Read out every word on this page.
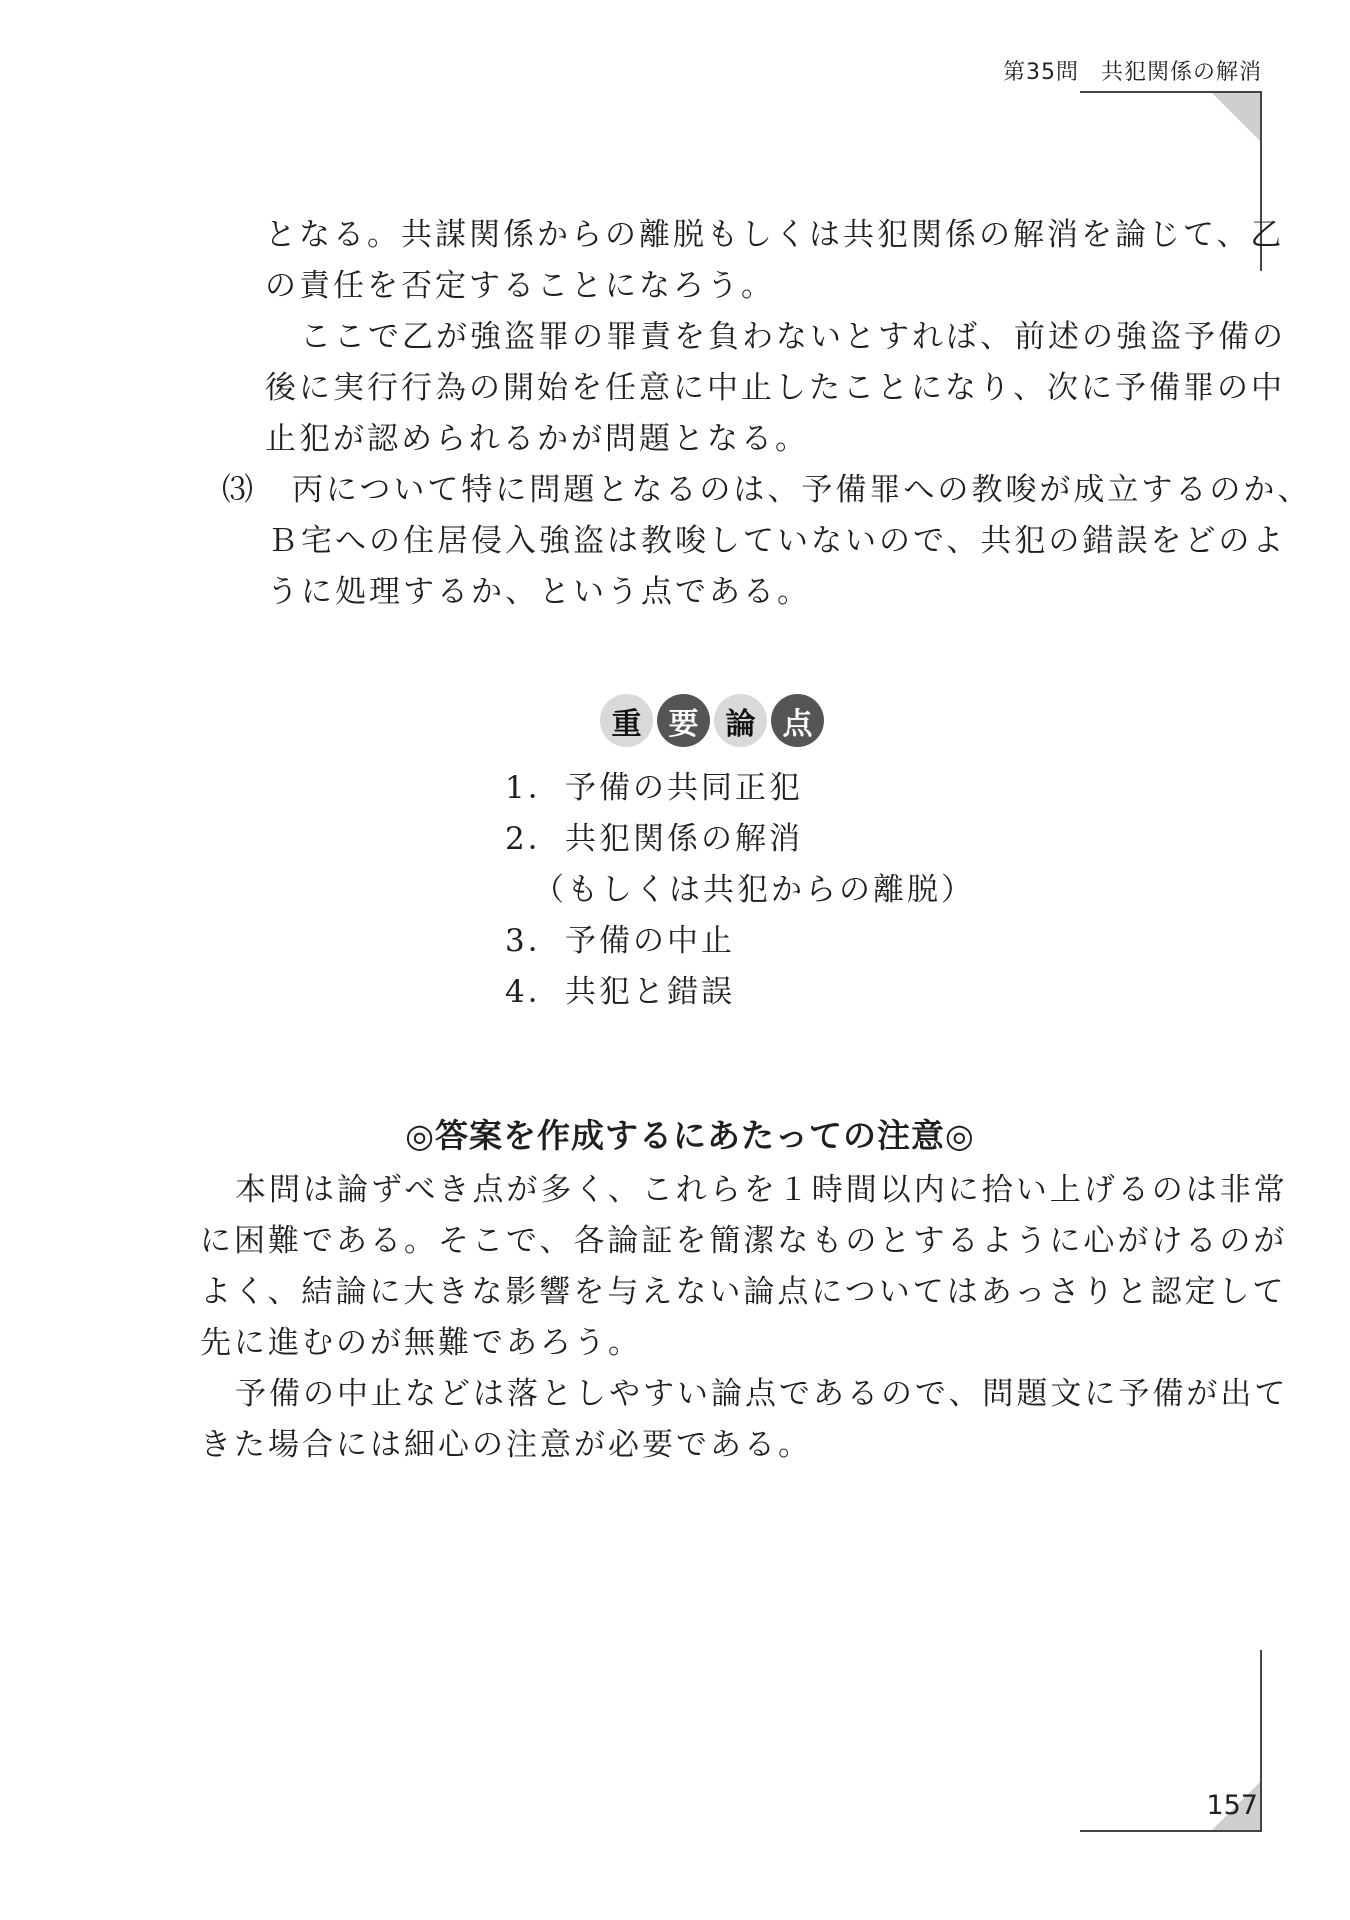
第35問 共犯関係の解消

となる。共謀関係からの離脱もしくは共犯関係の解消を論じて、乙

の責任を否定することになろう。

ここで乙が強盗罪の罪責を負わないとすれば、前述の強盗予備の

後に実行行為の開始を任意に中止したことになり、次に予備罪の中

止犯が認められるかが問題となる。

⑶ 丙について特に問題となるのは、予備罪への教唆が成立するのか、

Ｂ宅への住居侵入強盗は教唆していないので、共犯の錯誤をどのよ

うに処理するか、という点である。

重 要 論 点
1． 予備の共同正犯
2． 共犯関係の解消
（もしくは共犯からの離脱）
3． 予備の中止
4． 共犯と錯誤
◎答案を作成するにあたっての注意◎

本問は論ずべき点が多く、これらを１時間以内に拾い上げるのは非常

に困難である。そこで、各論証を簡潔なものとするように心がけるのが

よく、結論に大きな影響を与えない論点についてはあっさりと認定して

先に進むのが無難であろう。

予備の中止などは落としやすい論点であるので、問題文に予備が出て

きた場合には細心の注意が必要である。

157
